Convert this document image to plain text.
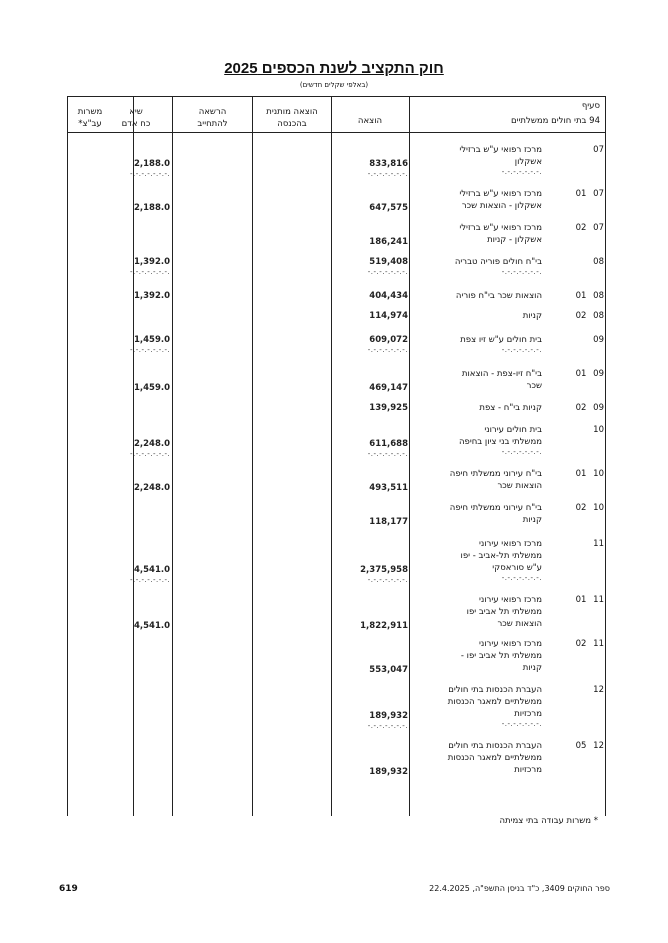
חוק התקציב לשנת הכספים 2025
(באלפי שקלים חדשים)
סעיף
94 בתי חולים ממשלתיים
הוצאה
הוצאה מותנית
בהכנסה
הרשאה
להתחייב
שיא
כח אדם
משרות
עב"צ*
07
מרכז רפואי ע"ש ברזילי
אשקלון
833,816
2,188.0
-.-.-.-.-.-.-.
-.-.-.-.-.-.-.	-.-.-.-.-.-.-.
07 01
מרכז רפואי ע"ש ברזילי
אשקלון - הוצאות שכר
647,575
2,188.0
07 02
מרכז רפואי ע"ש ברזילי
אשקלון - קניות
186,241
08
בי"ח חולים פוריה טבריה
519,408
1,392.0
-.-.-.-.-.-.-.
-.-.-.-.-.-.-.	-.-.-.-.-.-.-.
08 01
הוצאות שכר בי"ח פוריה
404,434
1,392.0
08 02
קניות
114,974
09
בית חולים ע"ש זיו צפת
609,072
1,459.0
-.-.-.-.-.-.-.
-.-.-.-.-.-.-.	-.-.-.-.-.-.-.
09 01
בי"ח זיו-צפת - הוצאות
שכר
469,147
1,459.0
09 02
קניות בי"ח - צפת
139,925
10
בית חולים עירוני
ממשלתי בני ציון בחיפה
611,688
2,248.0
-.-.-.-.-.-.-.
-.-.-.-.-.-.-.	-.-.-.-.-.-.-.
10 01
בי"ח עירוני ממשלתי חיפה
הוצאות שכר
493,511
2,248.0
10 02
בי"ח עירוני ממשלתי חיפה
קניות
118,177
11
מרכז רפואי עירוני
ממשלתי תל-אביב - יפו
ע"ש סוראסקי
2,375,958
4,541.0
-.-.-.-.-.-.-.
-.-.-.-.-.-.-.	-.-.-.-.-.-.-.
11 01
מרכז רפואי עירוני
ממשלתי תל אביב יפו
הוצאות שכר
1,822,911
4,541.0
11 02
מרכז רפואי עירוני
ממשלתי תל אביב יפו -
קניות
553,047
12
העברת הכנסות בתי חולים
ממשלתיים למאגר הכנסות
מרכזיות
189,932
-.-.-.-.-.-.-.	-.-.-.-.-.-.-.
12 05
העברת הכנסות בתי חולים
ממשלתיים למאגר הכנסות
מרכזיות
189,932
* משרות עבודה בתי צמיתה
619	ספר החוקים 3409, כ"ד בניסן התשפ"ה, 22.4.2025
